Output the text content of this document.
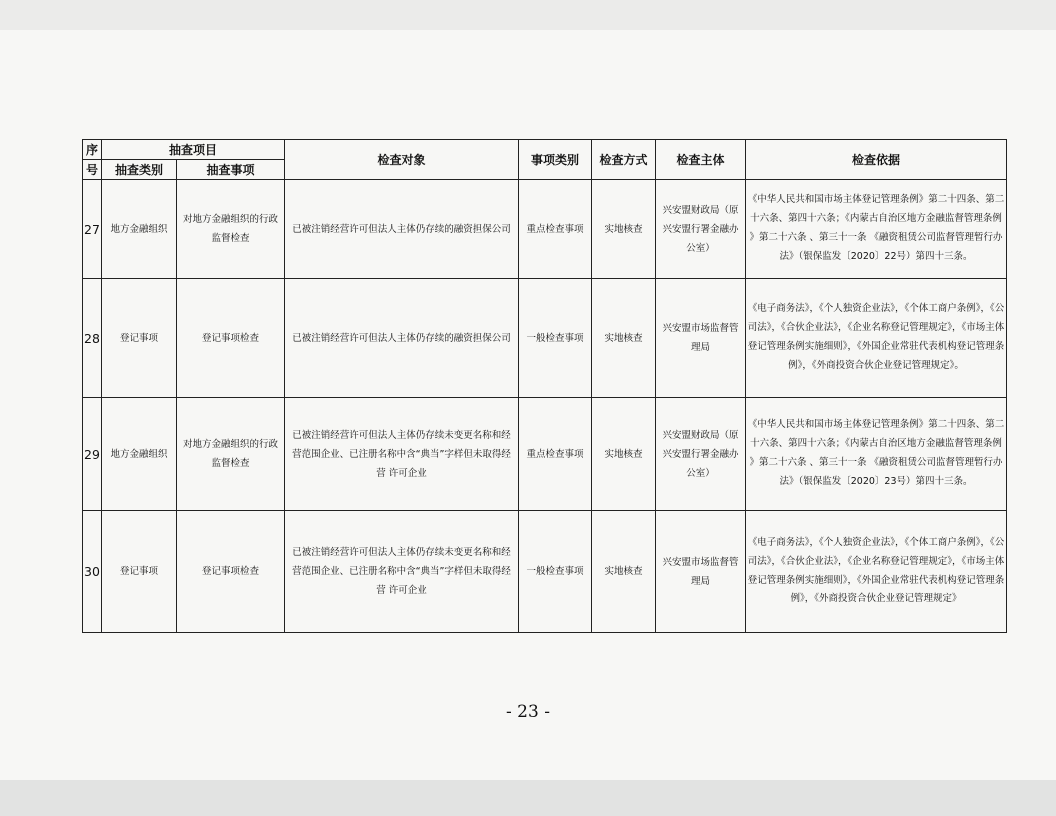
序	抽查项目		检查对象	事项类别	检查方式	检查主体	检查依据
号	抽查类别	抽查事项					
27	地方金融组织	对地方金融组织的行政监督检查	已被注销经营许可但法人主体仍存续的融资担保公司	重点检查事项	实地核查	兴安盟财政局（原兴安盟行署金融办公室）	《中华人民共和国市场主体登记管理条例》第二十四条、第二十六条、第四十六条；《内蒙古自治区地方金融监督管理条例 》第二十六条 、第三十一条 《融资租赁公司监督管理暂行办法》（银保监发〔2020〕22号）第四十三条。
28	登记事项	登记事项检查	已被注销经营许可但法人主体仍存续的融资担保公司	一般检查事项	实地核查	兴安盟市场监督管理局	《电子商务法》，《个人独资企业法》，《个体工商户条例》，《公司法》，《合伙企业法》，《企业名称登记管理规定》，《市场主体登记管理条例实施细则》，《外国企业常驻代表机构登记管理条例》，《外商投资合伙企业登记管理规定》。
29	地方金融组织	对地方金融组织的行政监督检查	已被注销经营许可但法人主体仍存续未变更名称和经营范围企业、已注册名称中含“典当”字样但未取得经营 许可企业	重点检查事项	实地核查	兴安盟财政局（原兴安盟行署金融办公室）	《中华人民共和国市场主体登记管理条例》第二十四条、第二十六条、第四十六条；《内蒙古自治区地方金融监督管理条例 》第二十六条 、第三十一条 《融资租赁公司监督管理暂行办法》（银保监发〔2020〕23号）第四十三条。
30	登记事项	登记事项检查	已被注销经营许可但法人主体仍存续未变更名称和经营范围企业、已注册名称中含“典当”字样但未取得经营 许可企业	一般检查事项	实地核查	兴安盟市场监督管理局	《电子商务法》，《个人独资企业法》，《个体工商户条例》，《公司法》，《合伙企业法》，《企业名称登记管理规定》，《市场主体登记管理条例实施细则》，《外国企业常驻代表机构登记管理条例》，《外商投资合伙企业登记管理规定》
- 23 -
